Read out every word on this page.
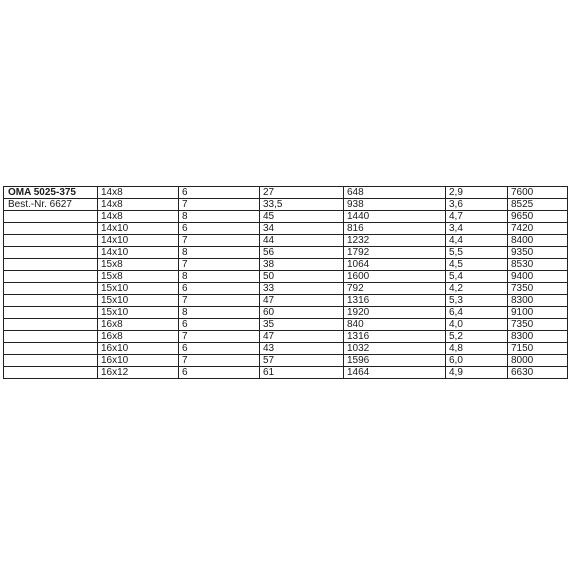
OMA 5025-375	14x8	6	27	648	2,9	7600
Best.-Nr. 6627	14x8	7	33,5	938	3,6	8525
	14x8	8	45	1440	4,7	9650
	14x10	6	34	816	3,4	7420
	14x10	7	44	1232	4,4	8400
	14x10	8	56	1792	5,5	9350
	15x8	7	38	1064	4,5	8530
	15x8	8	50	1600	5,4	9400
	15x10	6	33	792	4,2	7350
	15x10	7	47	1316	5,3	8300
	15x10	8	60	1920	6,4	9100
	16x8	6	35	840	4,0	7350
	16x8	7	47	1316	5,2	8300
	16x10	6	43	1032	4,8	7150
	16x10	7	57	1596	6,0	8000
	16x12	6	61	1464	4,9	6630
